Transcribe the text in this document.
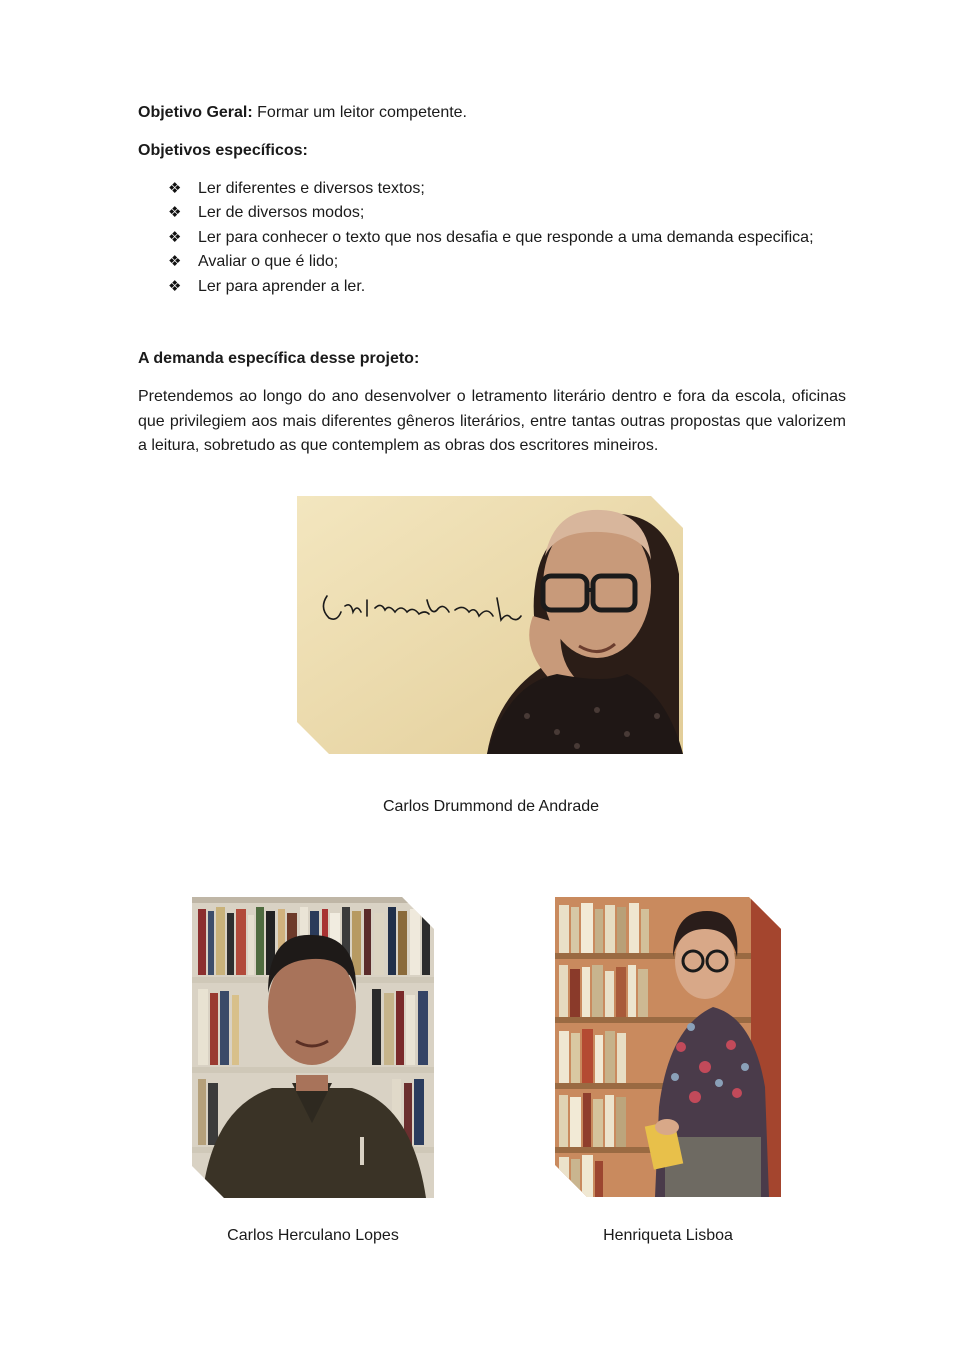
Objetivo Geral: Formar um leitor competente.
Objetivos específicos:
❖ Ler diferentes e diversos textos;
❖ Ler de diversos modos;
❖ Ler para conhecer o texto que nos desafia e que responde a uma demanda especifica;
❖ Avaliar o que é lido;
❖ Ler para aprender a ler.
A demanda específica desse projeto:
Pretendemos ao longo do ano desenvolver o letramento literário dentro e fora da escola, oficinas que privilegiem aos mais diferentes gêneros literários, entre tantas outras propostas que valorizem a leitura, sobretudo as que contemplem as obras dos escritores mineiros.
Carlos Drummond de Andrade
Carlos Herculano Lopes	Henriqueta Lisboa
